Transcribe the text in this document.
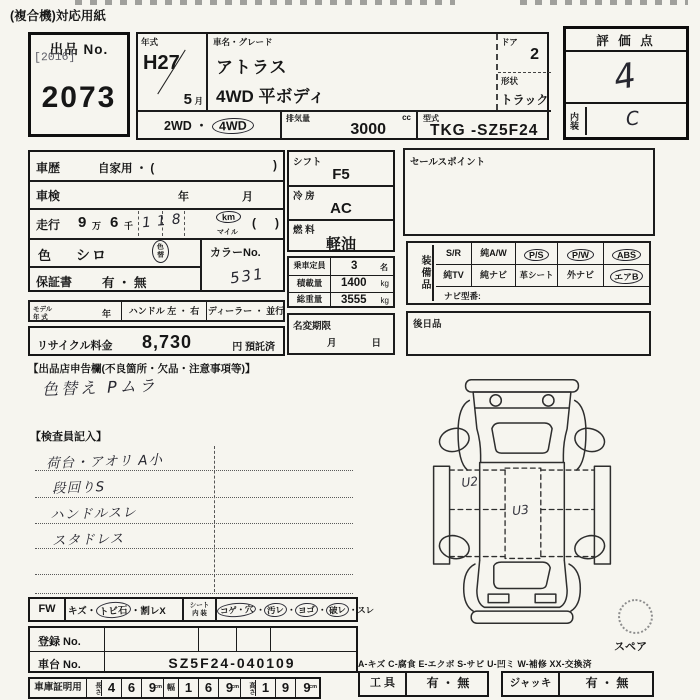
(複合機)対応用紙
出品 No.
[2016]
2073
年式
H27
5 月
車名・グレード
アトラス
4WD 平ボディ
ドア
2
形状
トラック
2WD ・ 4WD
排気量	cc
3000
型式
TKG -SZ5F24
評 価 点
4
内装	C
車歴	自家用 ・ (	)
車検	年	月
走行 9 万 6 千 118	km
マイル
( )
色 シロ	色替	カラーNo.
531
保証書 有 ・ 無
モデル
年 式	年	ハンドル 左 ・ 右 ディーラー ・ 並行
リサイクル料金 8,730	円 預託済
【出品店申告欄(不良箇所・欠品・注意事項等)】
色替え Pムラ
シフト
F5
冷 房
AC
燃 料
軽油
乗車定員	3	名
積載量	1400 kg
総重量	3555 kg
名変期限
月	日
セールスポイント
装備品
S/R	純A/W	P/S	P/W	ABS
純TV	純ナビ	革シート	外ナビ	エアB
ナビ型番:
後日品
U2
U3
スペア
【検査員記入】
荷台・アオリ A小
段回りS
ハンドルスレ
スタドレス
FW	キズ・ トビ石 ・割レX
シート
内 装	コゲ・穴 ・ 汚レ ・ ヨゴ ・ 破レ ・スレ
登録 No.
車台 No.	SZ5F24-040109
車庫証明用	長さ 4 6	9
cm 幅 1 6	9
cm	高さ 1 9	9
cm
A-キズ C-腐食 E-エクボ S-サビ U-凹ミ W-補修 XX-交換済
工 具	有 ・ 無	ジャッキ	有 ・ 無
